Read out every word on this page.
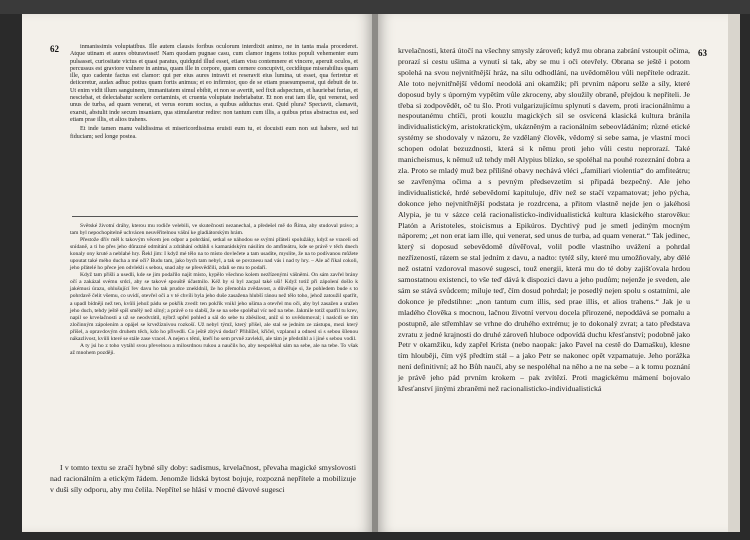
62	inmanissimis voluptatibus. Ille autem clausis foribus oculorum interdixit animo, ne in tanta mala procederet. Atque utinam et aures obturavisset! Nam quodam pugnae casu, cum clamor ingens totius populi vehementer eum pulsasset, curiositate victus et quasi paratus, quidquid illud esset, etiam visu contemnere et vincere, aperuit oculos, et percussus est graviore vulnere in anima, quam ille in corpore, quem cernere concupivit, cecidítque miserabilius quam ille, quo cadente factus est clamor: qui per eius aures intravit et reseravit eius lumina, ut esset, qua feriretur et deiiceretur, audax adhuc potius quam fortis animus; et eo infirmior, quo de se etiam praesumpserat, qui debuit de te. Ut enim vidit illum sanguinem, immanitatem simul ebibit, et non se avertit, sed fixit adspectum, et hauriebat furias, et nesciebat, et delectabatur scelere certaminis, et cruenta voluptate inebriabatur. Et non erat iam ille, qui venerat, sed unus de turba, ad quam venerat, et verus eorum socius, a quibus adductus erat. Quid plura? Spectavit, clamavit, exarsit, abstulit inde secum insaniam, qua stimularetur redire: non tantum cum illis, a quibus prius abstractus est, sed etiam prae illis, et alios trahens.

Et inde tamen manu validissima et misericordissima eruisti eum tu, et docuisti eum non sui habere, sed tui fiduciam; sed longe postea.

Světské životní dráhy, kterou mu rodiče velebili, ve skutečnosti nezanechal, a předešel mě do Říma, aby studoval právo; a tam byl nepochopitelně uchvácen neuvěřitelnou vášní ke gladiátorským hrám.

Přestože dřív měl k takovým věcem jen odpor a pohrdání, setkal se náhodou se svými přáteli spolužáky, když se vraceli od snídaně, a ti ho přes jeho důrazné odmítání a zdráhání odtáhli s kamarádským násilím do amfiteátru, kde se právě v těch dnech konaly ony kruté a neblahé hry. Řekl jim: I když mé tělo na to místo dovlečete a tam usadíte, myslíte, že na to podívanou můžete upoutat také mého ducha a mé oči? Budu tam, jako bych tam nebyl, a tak se povznesu nad vás i nad ty hry. – Ale ač říkal cokoli, jeho přátelé ho přece jen odvlekli s sebou, snad aby se přesvědčili, zdali se mu to podaří.

Když tam přišli a usedli, kde se jim podařilo najít místo, kypělo všechno kolem nezřízenými vášněmi. On sám zavřel brány očí a zakázal svému srdci, aby se takové spouště účastnilo. Kéž by si byl zacpal také uši! Když totiž při zápolení došlo k jakémusi úrazu, ohlušující řev davu ho tak prudce znekldnil, že ho přemohla zvědavost, a důvěřuje si, že pohledem bude s to pohrdavě čelit všemu, co uvidí, otevřel oči a v té chvíli byla jeho duše zasažena hlubší ránou než tělo toho, jehož zatoužil spatřit, a upadl bídněji než ten, kvůli jehož pádu se pokřik zvedl: ten pokřik vnikl jeho ušima a otevřel mu oči, aby byl zasažen a sražen jeho duch, tehdy ještě spíš smělý než silný; a právě o to slabší, že se na sebe spoléhal víc než na tebe. Jakmile totiž spatřil tu krev, napil se krvelačnosti a už se neodvrátil, nýbrž upřel pohled a sál do sebe tu zběsilost, aniž si to uvědomoval; i naslcdi se tím zločinným zápolením a opájel se krvežíznivou rozkoší. Už nebyl týmž, který přišel, ale stal se jedním ze zástupu, mezi který přišel, a opravdovým druhem těch, kdo ho přivedli. Co ještě zbývá dodat? Přihlížel, křičel, vzplanul a odnesl si s sebou šílenou nákazlivost, kvůli které se stále zase vracel. A nejen s těmi, kteří ho sem prvně zavlekli, ale tám je předstihl a i jiné s sebou vodil.

A ty jsi ho z toho vytáhl svou převelnou a milosrdnou rukou a naučils ho, aby nespoléhal sám na sebe, ale na tebe. To však až mnohem později.

I v tomto textu se zračí hybné síly doby: sadismus, krvelačnost, převaha magické smyslovosti nad racionálním a etickým řádem. Jenomže lidská bytost bojuje, rozpozná nepřítele a mobilizuje v duši síly odporu, aby mu čelila. Nepřítel se hlásí v mocné dávové sugesci

63

krvelačnosti, která útočí na všechny smysly zároveň; když mu obrana zabrání vstoupit očima, prorazí si cestu ušima a vynutí si tak, aby se mu i oči otevřely. Obrana se ještě i potom spolehá na svou nejvnitřnější hráz, na sílu odhodlání, na uvědomělou vůli nepřítele odrazit. Ale toto nejvnitřnější vědomí neodolá ani okamžik; při prvním náporu selže a síly, které doposud byly s úporným vypětím vůle zkroceny, aby sloužily obraně, přejdou k nepříteli. Je třeba si zodpovědět, oč tu šlo. Proti vulgarizujícímu splynutí s davem, proti iracionálnímu a nespoutanému chtíči, proti kouzlu magických sil se osvícená klasická kultura bránila individualistickým, aristokratickým, ukázněným a racionálním sebeovládáním; různé etické systémy se shodovaly v názoru, že vzdělaný člověk, vědomý si sebe sama, je vlastní moci schopen odolat bezuzdnosti, která si k němu proti jeho vůli cestu neprorazí. Také manicheismus, k němuž už tehdy měl Alypius blízko, se spoléhal na pouhé rozeznání dobra a zla. Proto se mladý muž bez přílišné obavy nechává vléci „familiari violentia“ do amfiteátru; se zavřenýma očima a s pevným předsevzetím si připadá bezpečný. Ale jeho individualistické, hrdé sebevědomí kapituluje, dřív než se stačí vzpamatovat; jeho pýcha, dokonce jeho nejvnitřnější podstata je rozdrcena, a přitom vlastně nejde jen o jakéhosi Alypia, je tu v sázce celá racionalisticko-individualistická kultura klasického starověku: Platón a Aristoteles, stoicismus a Epikúros. Dychtivý pud je smetl jediným mocným náporem; „et non erat iam ille, qui venerat, sed unus de turba, ad quam venerat.“ Tak jedinec, který si doposud sebevědomě důvěřoval, volil podle vlastního uvážení a pohrdal nezřízeností, rázem se stal jedním z davu, a nadto: tytéž síly, které mu umožňovaly, aby dělé než ostatní vzdoroval masové sugesci, touž energii, která mu do té doby zajišťovala hrdou samostatnou existenci, to vše teď dává k dispozici davu a jeho pudům; nejenže je sveden, ale sám se stává svůdcem; míluje teď, čím dosud pohrdal; je posedlý nejen spolu s ostatními, ale dokonce je předstihne: „non tantum cum illis, sed prae illis, et alios trahens.“ Jak je u mladého člověka s mocnou, lačnou životní vervou docela přirozené, nepoddává se pomalu a postupně, ale střemhlav se vrhne do druhého extrému; je to dokonalý zvrat; a tato představa zvratu z jedné krajnosti do druhé zároveň hluboce odpovídá duchu křesťanství; podobně jako Petr v okamžiku, kdy zapřel Krista (nebo naopak: jako Pavel na cestě do Damašku), klesne tím hlouběji, čím výš předtím stál – a jako Petr se nakonec opět vzpamatuje. Jeho porážka není definitivní; až ho Bůh naučí, aby se nespoléhal na něho a ne na sebe – a k tomu poznání je právě jeho pád prvním krokem – pak zvítězí. Proti magickému mámení bojovalo křesťanství jinými zbraněmi než racionalisticko-individualistická
